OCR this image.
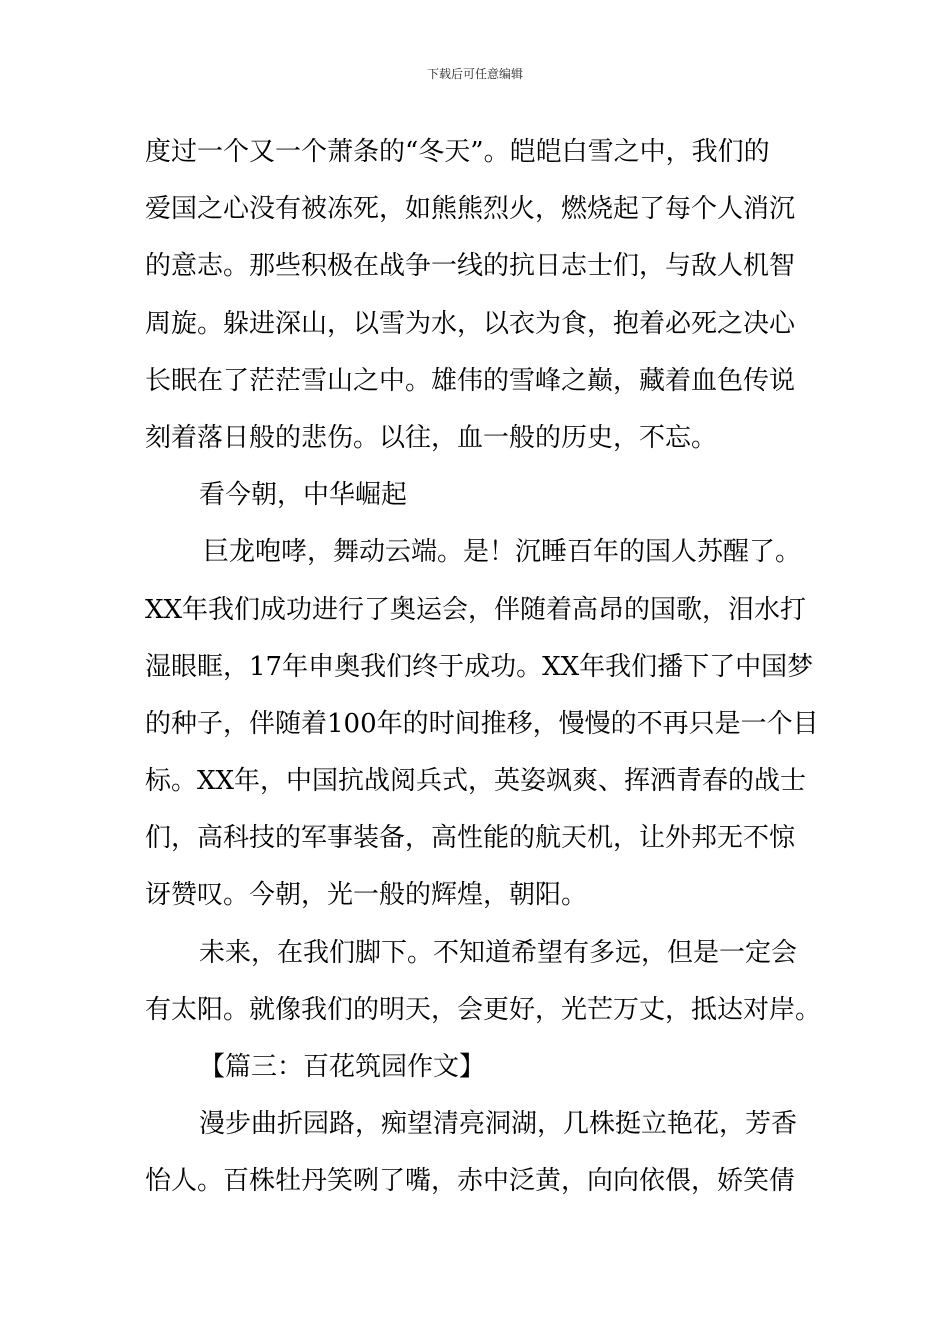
下载后可任意编辑
度过一个又一个萧条的“冬天”。皑皑白雪之中，我们的
爱国之心没有被冻死，如熊熊烈火，燃烧起了每个人消沉
的意志。那些积极在战争一线的抗日志士们，与敌人机智
周旋。躲进深山，以雪为水，以衣为食，抱着必死之决心
长眠在了茫茫雪山之中。雄伟的雪峰之巅，藏着血色传说
刻着落日般的悲伤。以往，血一般的历史，不忘。
看今朝，中华崛起
巨龙咆哮，舞动云端。是！沉睡百年的国人苏醒了。
XX年我们成功进行了奥运会，伴随着高昂的国歌，泪水打
湿眼眶，17年申奥我们终于成功。XX年我们播下了中国梦
的种子，伴随着100年的时间推移，慢慢的不再只是一个目
标。XX年，中国抗战阅兵式，英姿飒爽、挥洒青春的战士
们，高科技的军事装备，高性能的航天机，让外邦无不惊
讶赞叹。今朝，光一般的辉煌，朝阳。
未来，在我们脚下。不知道希望有多远，但是一定会
有太阳。就像我们的明天，会更好，光芒万丈，抵达对岸。
【篇三：百花筑园作文】
漫步曲折园路，痴望清亮洞湖，几株挺立艳花，芳香
怡人。百株牡丹笑咧了嘴，赤中泛黄，向向依偎，娇笑倩
